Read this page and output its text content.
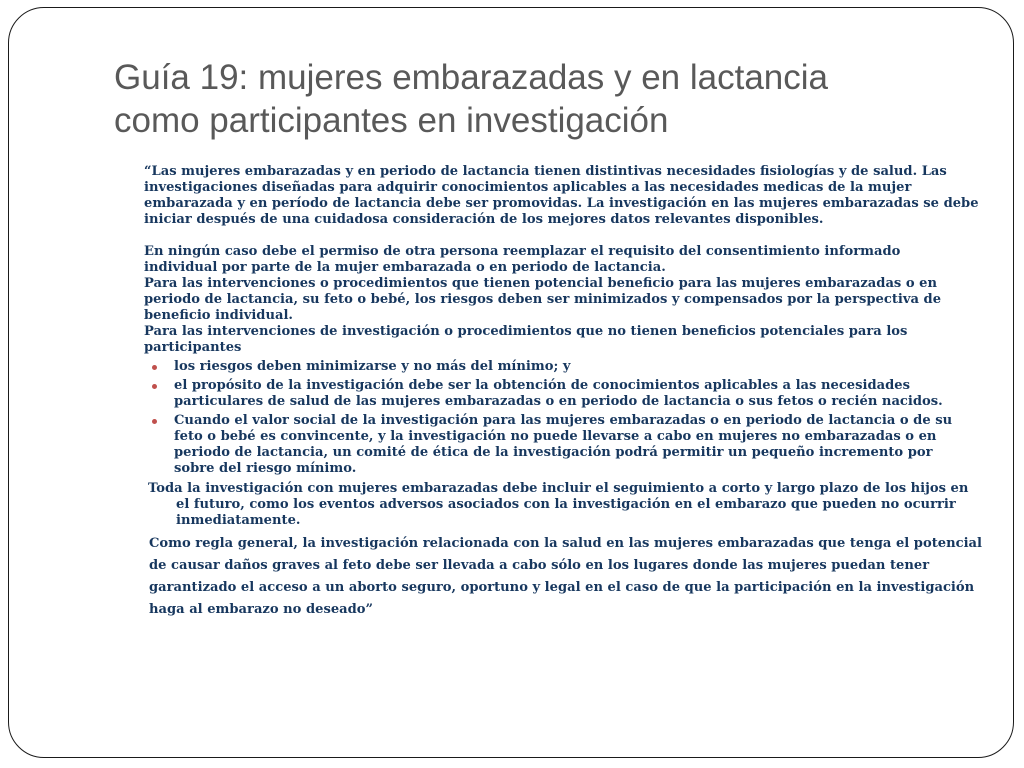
Guía 19: mujeres embarazadas y en lactancia
como participantes en investigación
“Las mujeres embarazadas y en periodo de lactancia tienen distintivas necesidades fisiologías y de salud. Las
investigaciones diseñadas para adquirir conocimientos aplicables a las necesidades medicas de la mujer
embarazada y en período de lactancia debe ser promovidas. La investigación en las mujeres embarazadas se debe
iniciar después de una cuidadosa consideración de los mejores datos relevantes disponibles.
En ningún caso debe el permiso de otra persona reemplazar el requisito del consentimiento informado
individual por parte de la mujer embarazada o en periodo de lactancia.
Para las intervenciones o procedimientos que tienen potencial beneficio para las mujeres embarazadas o en
periodo de lactancia, su feto o bebé, los riesgos deben ser minimizados y compensados por la perspectiva de
beneficio individual.
Para las intervenciones de investigación o procedimientos que no tienen beneficios potenciales para los
participantes
los riesgos deben minimizarse y no más del mínimo; y
el propósito de la investigación debe ser la obtención de conocimientos aplicables a las necesidades
particulares de salud de las mujeres embarazadas o en periodo de lactancia o sus fetos o recién nacidos.
Cuando el valor social de la investigación para las mujeres embarazadas o en periodo de lactancia o de su
feto o bebé es convincente, y la investigación no puede llevarse a cabo en mujeres no embarazadas o en
periodo de lactancia, un comité de ética de la investigación podrá permitir un pequeño incremento por
sobre del riesgo mínimo.
Toda la investigación con mujeres embarazadas debe incluir el seguimiento a corto y largo plazo de los hijos en
el futuro, como los eventos adversos asociados con la investigación en el embarazo que pueden no ocurrir
inmediatamente.
Como regla general, la investigación relacionada con la salud en las mujeres embarazadas que tenga el potencial
de causar daños graves al feto debe ser llevada a cabo sólo en los lugares donde las mujeres puedan tener
garantizado el acceso a un aborto seguro, oportuno y legal en el caso de que la participación en la investigación
haga al embarazo no deseado”
